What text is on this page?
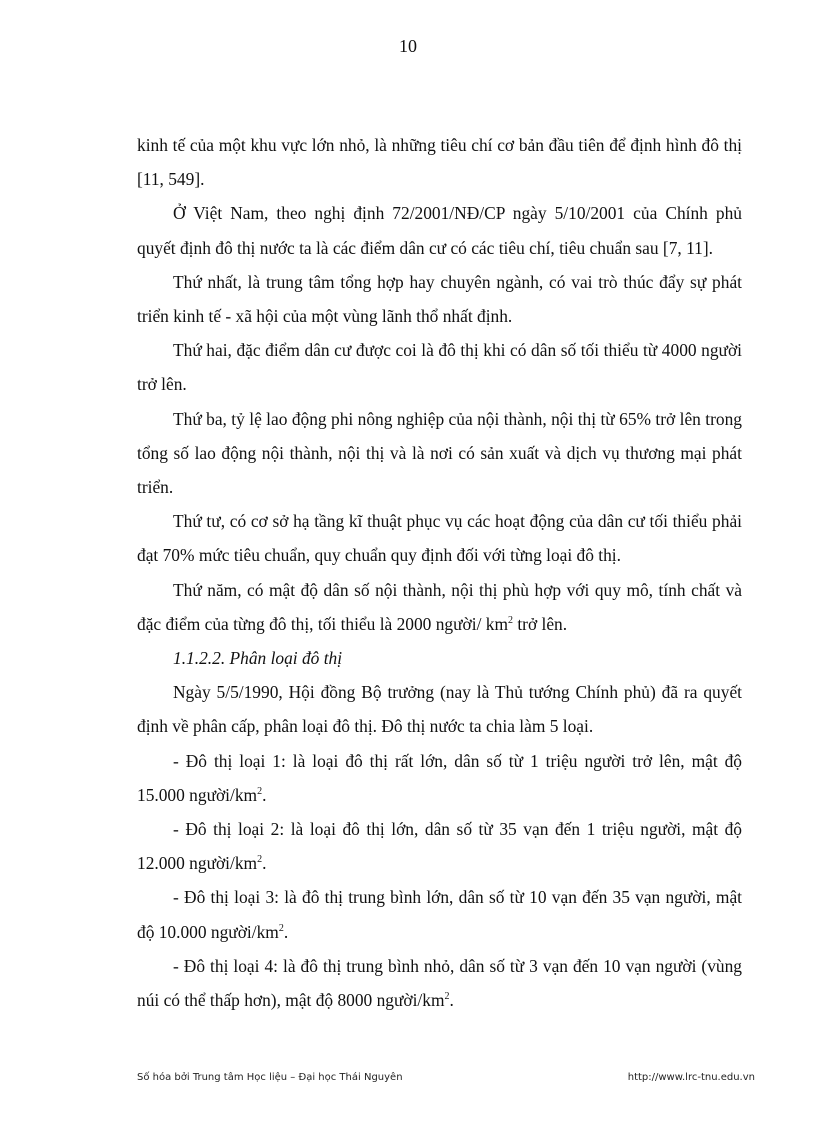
10

kinh tế của một khu vực lớn nhỏ, là những tiêu chí cơ bản đầu tiên để định hình đô thị [11, 549].

Ở Việt Nam, theo nghị định 72/2001/NĐ/CP ngày 5/10/2001 của Chính phủ quyết định đô thị nước ta là các điểm dân cư có các tiêu chí, tiêu chuẩn sau [7, 11].

Thứ nhất, là trung tâm tổng hợp hay chuyên ngành, có vai trò thúc đẩy sự phát triển kinh tế - xã hội của một vùng lãnh thổ nhất định.

Thứ hai, đặc điểm dân cư được coi là đô thị khi có dân số tối thiểu từ 4000 người trở lên.

Thứ ba, tỷ lệ lao động phi nông nghiệp của nội thành, nội thị từ 65% trở lên trong tổng số lao động nội thành, nội thị và là nơi có sản xuất và dịch vụ thương mại phát triển.

Thứ tư, có cơ sở hạ tầng kĩ thuật phục vụ các hoạt động của dân cư tối thiểu phải đạt 70% mức tiêu chuẩn, quy chuẩn quy định đối với từng loại đô thị.

Thứ năm, có mật độ dân số nội thành, nội thị phù hợp với quy mô, tính chất và đặc điểm của từng đô thị, tối thiểu là 2000 người/ $km^2$ trở lên.

1.1.2.2. Phân loại đô thị

Ngày 5/5/1990, Hội đồng Bộ trưởng (nay là Thủ tướng Chính phủ) đã ra quyết định về phân cấp, phân loại đô thị. Đô thị nước ta chia làm 5 loại.

- Đô thị loại 1: là loại đô thị rất lớn, dân số từ 1 triệu người trở lên, mật độ 15.000 người/$km^2$.

- Đô thị loại 2: là loại đô thị lớn, dân số từ 35 vạn đến 1 triệu người, mật độ 12.000 người/$km^2$.

- Đô thị loại 3: là đô thị trung bình lớn, dân số từ 10 vạn đến 35 vạn người, mật độ 10.000 người/$km^2$.

- Đô thị loại 4: là đô thị trung bình nhỏ, dân số từ 3 vạn đến 10 vạn người (vùng núi có thể thấp hơn), mật độ 8000 người/$km^2$.

Số hóa bởi Trung tâm Học liệu – Đại học Thái Nguyên	http://www.lrc-tnu.edu.vn
